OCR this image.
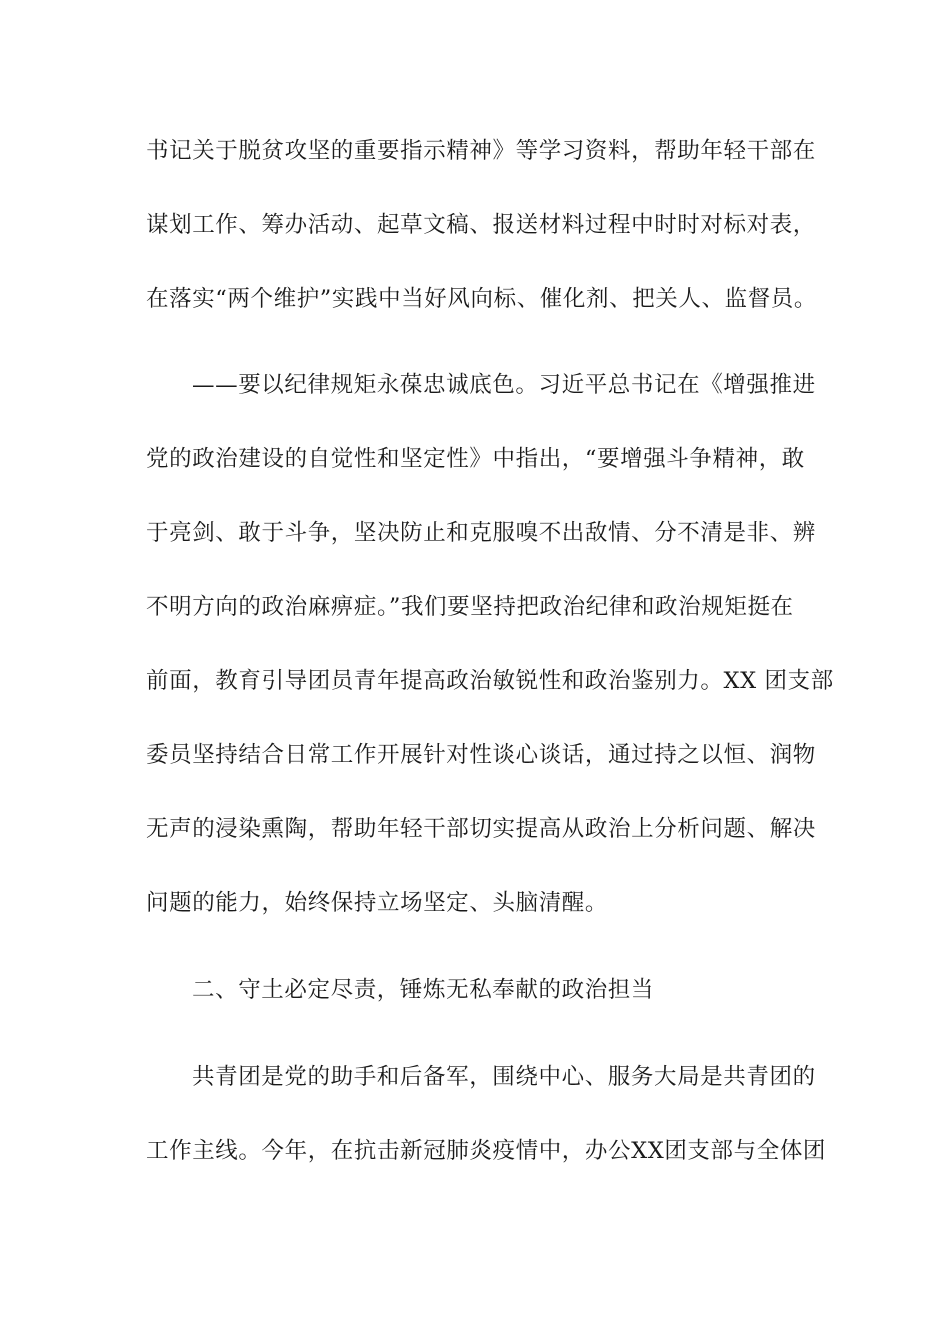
书记关于脱贫攻坚的重要指示精神》等学习资料，帮助年轻干部在
谋划工作、筹办活动、起草文稿、报送材料过程中时时对标对表，
在落实“两个维护”实践中当好风向标、催化剂、把关人、监督员。
——要以纪律规矩永葆忠诚底色。习近平总书记在《增强推进
党的政治建设的自觉性和坚定性》中指出，“要增强斗争精神，敢
于亮剑、敢于斗争，坚决防止和克服嗅不出敌情、分不清是非、辨
不明方向的政治麻痹症。”我们要坚持把政治纪律和政治规矩挺在
前面，教育引导团员青年提高政治敏锐性和政治鉴别力。XX 团支部
委员坚持结合日常工作开展针对性谈心谈话，通过持之以恒、润物
无声的浸染熏陶，帮助年轻干部切实提高从政治上分析问题、解决
问题的能力，始终保持立场坚定、头脑清醒。
二、守土必定尽责，锤炼无私奉献的政治担当
共青团是党的助手和后备军，围绕中心、服务大局是共青团的
工作主线。今年，在抗击新冠肺炎疫情中，办公XX团支部与全体团
